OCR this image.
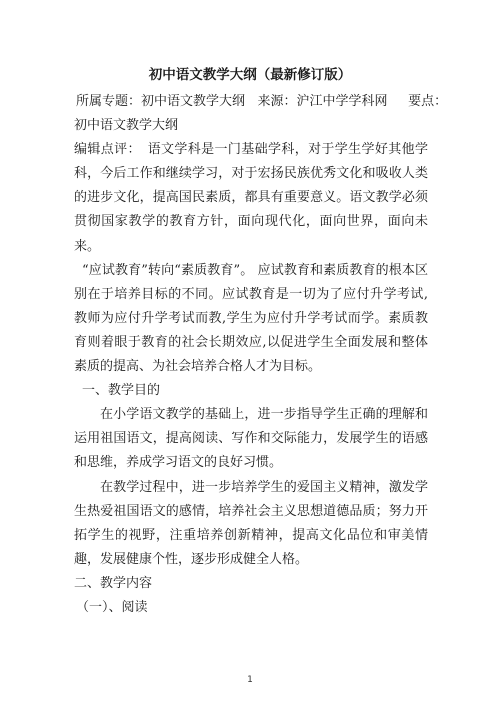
初中语文教学大纲（最新修订版）

所属专题：初中语文教学大纲 来源：沪江中学学科网 要点：

初中语文教学大纲

编辑点评：　语文学科是一门基础学科，对于学生学好其他学科，今后工作和继续学习，对于宏扬民族优秀文化和吸收人类的进步文化，提高国民素质，都具有重要意义。语文教学必须贯彻国家教学的教育方针，面向现代化，面向世界，面向未来。

“应试教育”转向“素质教育”。 应试教育和素质教育的根本区别在于培养目标的不同。应试教育是一切为了应付升学考试,教师为应付升学考试而教,学生为应付升学考试而学。素质教育则着眼于教育的社会长期效应,以促进学生全面发展和整体素质的提高、为社会培养合格人才为目标。

一、教学目的

在小学语文教学的基础上，进一步指导学生正确的理解和运用祖国语文，提高阅读、写作和交际能力，发展学生的语感和思维，养成学习语文的良好习惯。

在教学过程中，进一步培养学生的爱国主义精神，激发学生热爱祖国语文的感情，培养社会主义思想道德品质；努力开拓学生的视野，注重培养创新精神，提高文化品位和审美情趣，发展健康个性，逐步形成健全人格。

二、教学内容

（一）、阅读

1
